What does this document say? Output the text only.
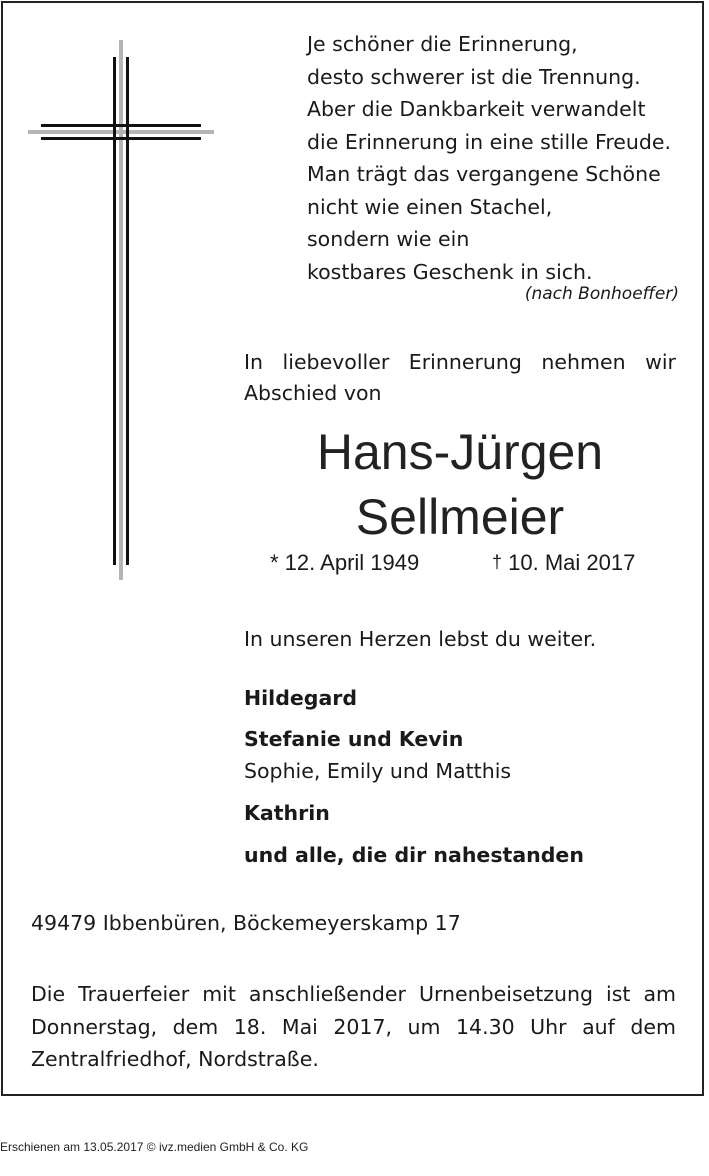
Je schöner die Erinnerung,
desto schwerer ist die Trennung.
Aber die Dankbarkeit verwandelt
die Erinnerung in eine stille Freude.
Man trägt das vergangene Schöne
nicht wie einen Stachel,
sondern wie ein
kostbares Geschenk in sich.
(nach Bonhoeffer)
In liebevoller Erinnerung nehmen wir Abschied von
Hans-Jürgen
Sellmeier
* 12. April 1949	† 10. Mai 2017
In unseren Herzen lebst du weiter.
Hildegard
Stefanie und Kevin
Sophie, Emily und Matthis
Kathrin
und alle, die dir nahestanden
49479 Ibbenbüren, Böckemeyerskamp 17
Die Trauerfeier mit anschließender Urnenbeisetzung ist am Donnerstag, dem 18. Mai 2017, um 14.30 Uhr auf dem Zentralfriedhof, Nordstraße.
Erschienen am 13.05.2017 © ivz.medien GmbH & Co. KG
